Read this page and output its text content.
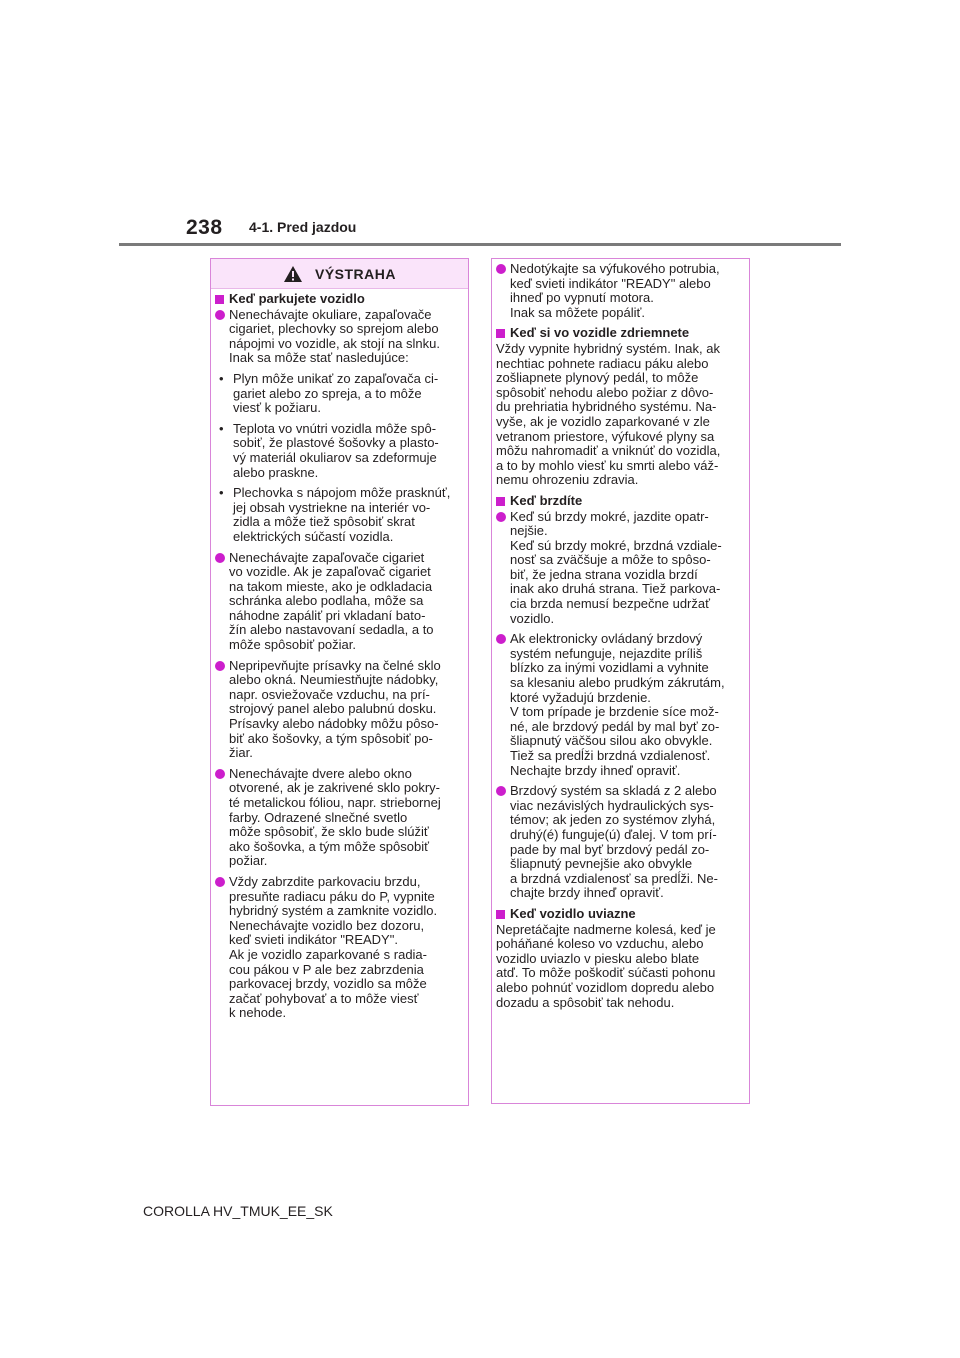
238 4-1. Pred jazdou
VÝSTRAHA
Keď parkujete vozidlo
Nenechávajte okuliare, zapaľovače
cigariet, plechovky so sprejom alebo
nápojmi vo vozidle, ak stojí na slnku.
Inak sa môže stať nasledujúce:
• Plyn môže unikať zo zapaľovača ci-
gariet alebo zo spreja, a to môže
viesť k požiaru.
• Teplota vo vnútri vozidla môže spô-
sobiť, že plastové šošovky a plasto-
vý materiál okuliarov sa zdeformuje
alebo praskne.
• Plechovka s nápojom môže prasknúť,
jej obsah vystriekne na interiér vo-
zidla a môže tiež spôsobiť skrat
elektrických súčastí vozidla.
Nenechávajte zapaľovače cigariet
vo vozidle. Ak je zapaľovač cigariet
na takom mieste, ako je odkladacia
schránka alebo podlaha, môže sa
náhodne zapáliť pri vkladaní bato-
žín alebo nastavovaní sedadla, a to
môže spôsobiť požiar.
Nepripevňujte prísavky na čelné sklo
alebo okná. Neumiestňujte nádobky,
napr. osviežovače vzduchu, na prí-
strojový panel alebo palubnú dosku.
Prísavky alebo nádobky môžu pôso-
biť ako šošovky, a tým spôsobiť po-
žiar.
Nenechávajte dvere alebo okno
otvorené, ak je zakrivené sklo pokry-
té metalickou fóliou, napr. striebornej
farby. Odrazené slnečné svetlo
môže spôsobiť, že sklo bude slúžiť
ako šošovka, a tým môže spôsobiť
požiar.
Vždy zabrzdite parkovaciu brzdu,
presuňte radiacu páku do P, vypnite
hybridný systém a zamknite vozidlo.
Nenechávajte vozidlo bez dozoru,
keď svieti indikátor "READY".
Ak je vozidlo zaparkované s radia-
cou pákou v P ale bez zabrzdenia
parkovacej brzdy, vozidlo sa môže
začať pohybovať a to môže viesť
k nehode.
Nedotýkajte sa výfukového potrubia,
keď svieti indikátor "READY" alebo
ihneď po vypnutí motora.
Inak sa môžete popáliť.
Keď si vo vozidle zdriemnete
Vždy vypnite hybridný systém. Inak, ak
nechtiac pohnete radiacu páku alebo
zošliapnete plynový pedál, to môže
spôsobiť nehodu alebo požiar z dôvo-
du prehriatia hybridného systému. Na-
vyše, ak je vozidlo zaparkované v zle
vetranom priestore, výfukové plyny sa
môžu nahromadiť a vniknúť do vozidla,
a to by mohlo viesť ku smrti alebo váž-
nemu ohrozeniu zdravia.
Keď brzdíte
Keď sú brzdy mokré, jazdite opatr-
nejšie.
Keď sú brzdy mokré, brzdná vzdiale-
nosť sa zväčšuje a môže to spôso-
biť, že jedna strana vozidla brzdí
inak ako druhá strana. Tiež parkova-
cia brzda nemusí bezpečne udržať
vozidlo.
Ak elektronicky ovládaný brzdový
systém nefunguje, nejazdite príliš
blízko za inými vozidlami a vyhnite
sa klesaniu alebo prudkým zákrutám,
ktoré vyžadujú brzdenie.
V tom prípade je brzdenie síce mož-
né, ale brzdový pedál by mal byť zo-
šliapnutý väčšou silou ako obvykle.
Tiež sa predĺži brzdná vzdialenosť.
Nechajte brzdy ihneď opraviť.
Brzdový systém sa skladá z 2 alebo
viac nezávislých hydraulických sys-
témov; ak jeden zo systémov zlyhá,
druhý(é) funguje(ú) ďalej. V tom prí-
pade by mal byť brzdový pedál zo-
šliapnutý pevnejšie ako obvykle
a brzdná vzdialenosť sa predĺži. Ne-
chajte brzdy ihneď opraviť.
Keď vozidlo uviazne
Nepretáčajte nadmerne kolesá, keď je
poháňané koleso vo vzduchu, alebo
vozidlo uviazlo v piesku alebo blate
atď. To môže poškodiť súčasti pohonu
alebo pohnúť vozidlom dopredu alebo
dozadu a spôsobiť tak nehodu.
COROLLA HV_TMUK_EE_SK
